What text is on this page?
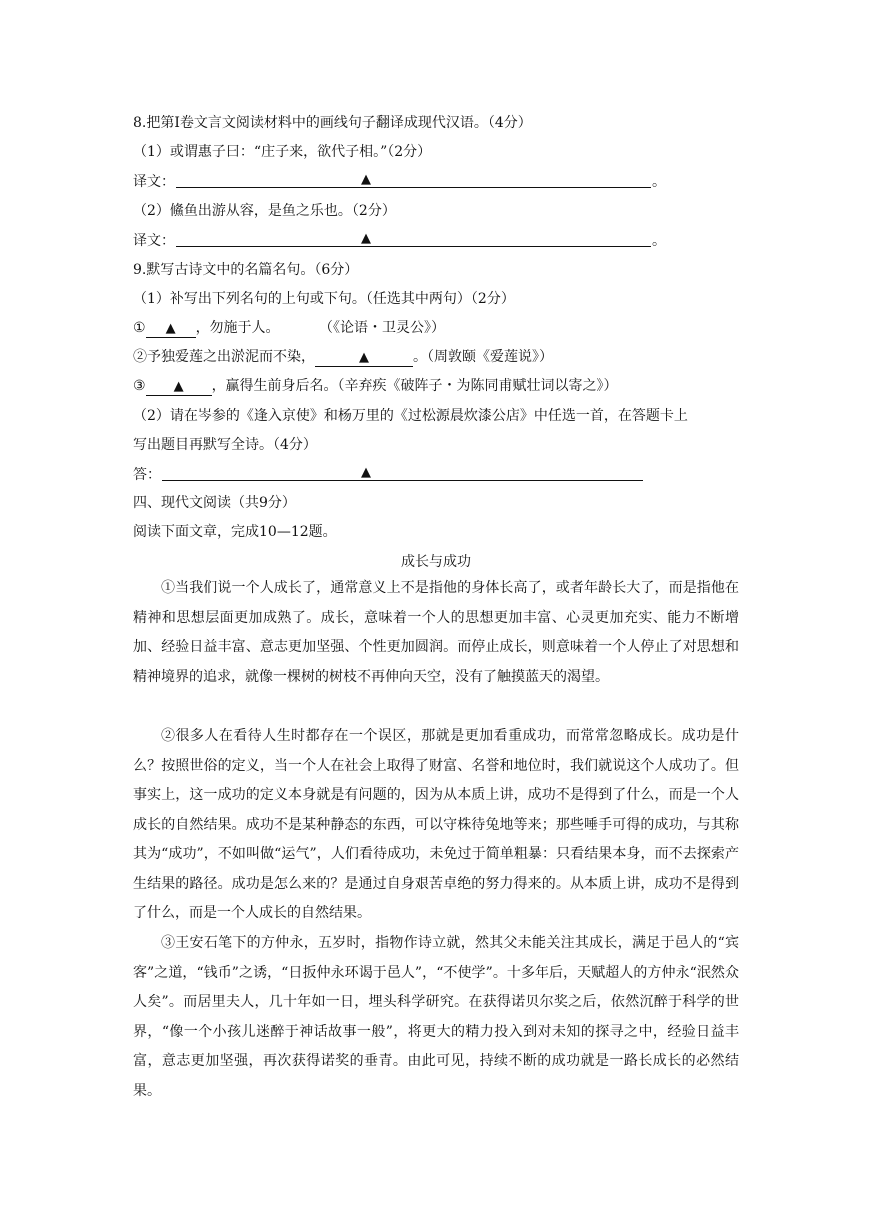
8.把第Ⅰ卷文言文阅读材料中的画线句子翻译成现代汉语。（4分）
（1）或谓惠子曰：“庄子来，欲代子相。”（2分）
译文：	▲	。
（2）鯈鱼出游从容，是鱼之乐也。（2分）
译文：	▲	。
9.默写古诗文中的名篇名句。（6分）
（1）补写出下列名句的上句或下句。（任选其中两句）（2分）
① ▲ ，勿施于人。	（《论语・卫灵公》）
②予独爱莲之出淤泥而不染，	▲	。（周敦颐《爱莲说》）
③ ▲ ，赢得生前身后名。（辛弃疾《破阵子・为陈同甫赋壮词以寄之》）
（2）请在岑参的《逢入京使》和杨万里的《过松源晨炊漆公店》中任选一首，在答题卡上
写出题目再默写全诗。（4分）
答：	▲
四、现代文阅读（共9分）
阅读下面文章，完成10—12题。
成长与成功

①当我们说一个人成长了，通常意义上不是指他的身体长高了，或者年龄长大了，而是指他在精神和思想层面更加成熟了。成长，意味着一个人的思想更加丰富、心灵更加充实、能力不断增加、经验日益丰富、意志更加坚强、个性更加圆润。而停止成长，则意味着一个人停止了对思想和精神境界的追求，就像一棵树的树枝不再伸向天空，没有了触摸蓝天的渴望。

②很多人在看待人生时都存在一个误区，那就是更加看重成功，而常常忽略成长。成功是什么？按照世俗的定义，当一个人在社会上取得了财富、名誉和地位时，我们就说这个人成功了。但事实上，这一成功的定义本身就是有问题的，因为从本质上讲，成功不是得到了什么，而是一个人成长的自然结果。成功不是某种静态的东西，可以守株待兔地等来；那些唾手可得的成功，与其称其为“成功”，不如叫做“运气”，人们看待成功，未免过于简单粗暴：只看结果本身，而不去探索产生结果的路径。成功是怎么来的？是通过自身艰苦卓绝的努力得来的。从本质上讲，成功不是得到了什么，而是一个人成长的自然结果。

③王安石笔下的方仲永，五岁时，指物作诗立就，然其父未能关注其成长，满足于邑人的“宾客”之道，“钱币”之诱，“日扳仲永环谒于邑人”，“不使学”。十多年后，天赋超人的方仲永“泯然众人矣”。而居里夫人，几十年如一日，埋头科学研究。在获得诺贝尔奖之后，依然沉醉于科学的世界，“像一个小孩儿迷醉于神话故事一般”，将更大的精力投入到对未知的探寻之中，经验日益丰富，意志更加坚强，再次获得诺奖的垂青。由此可见，持续不断的成功就是一路长成长的必然结果。
